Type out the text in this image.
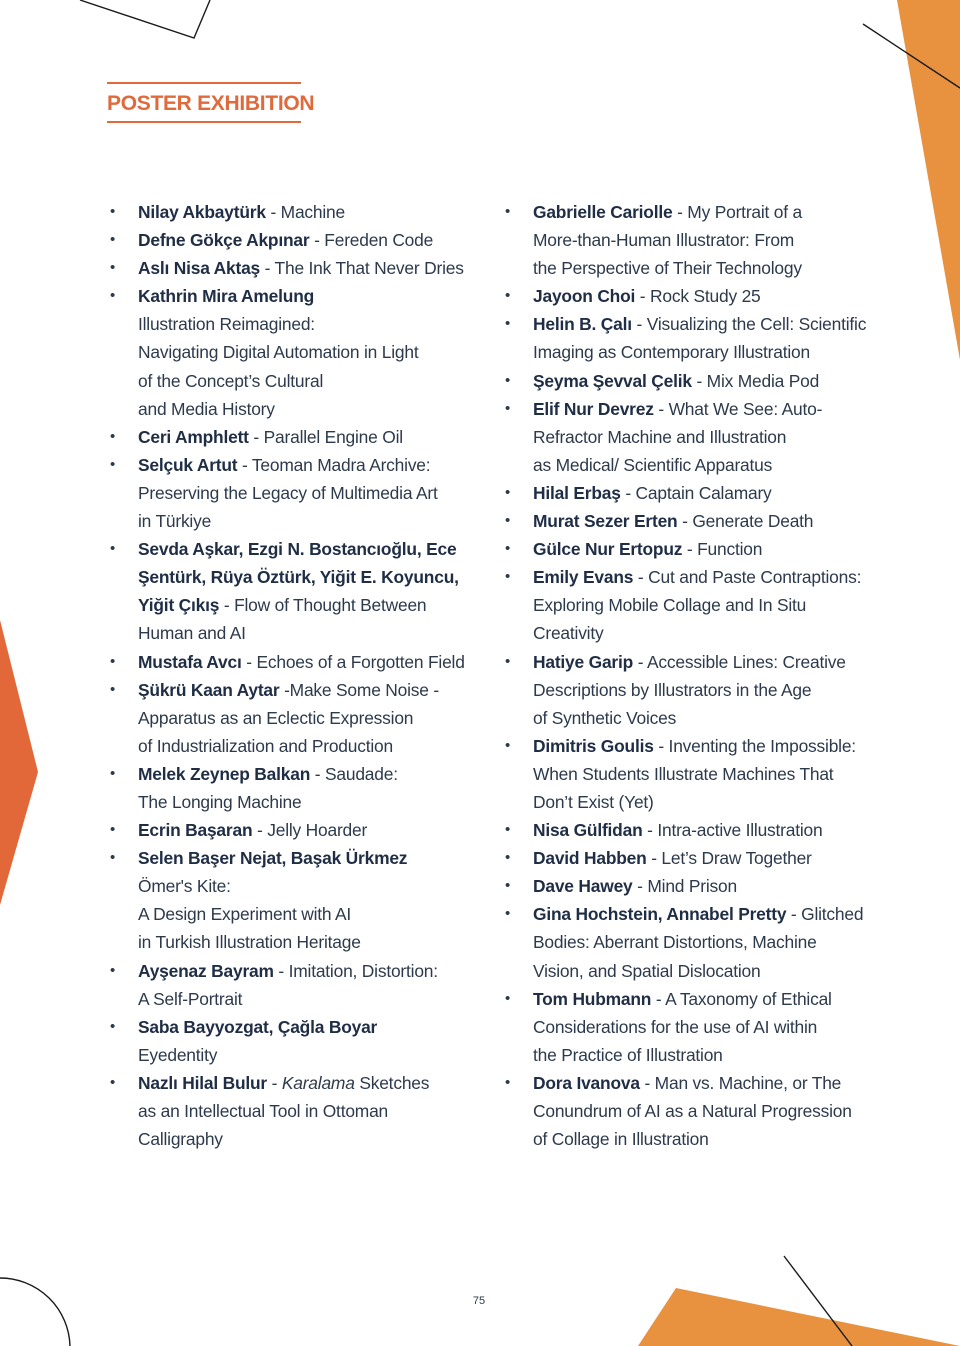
POSTER EXHIBITION
• Nilay Akbaytürk - Machine
• Defne Gökçe Akpınar - Fereden Code
• Aslı Nisa Aktaş - The Ink That Never Dries
• Kathrin Mira Amelung
Illustration Reimagined:
Navigating Digital Automation in Light
of the Concept’s Cultural
and Media History
• Ceri Amphlett - Parallel Engine Oil
• Selçuk Artut - Teoman Madra Archive:
Preserving the Legacy of Multimedia Art
in Türkiye
• Sevda Aşkar, Ezgi N. Bostancıoğlu, Ece
Şentürk, Rüya Öztürk, Yiğit E. Koyuncu,
Yiğit Çıkış - Flow of Thought Between
Human and AI
• Mustafa Avcı - Echoes of a Forgotten Field
• Şükrü Kaan Aytar -Make Some Noise -
Apparatus as an Eclectic Expression
of Industrialization and Production
• Melek Zeynep Balkan - Saudade:
The Longing Machine
• Ecrin Başaran - Jelly Hoarder
• Selen Başer Nejat, Başak Ürkmez
Ömer's Kite:
A Design Experiment with AI
in Turkish Illustration Heritage
• Ayşenaz Bayram - Imitation, Distortion:
A Self-Portrait
• Saba Bayyozgat, Çağla Boyar
Eyedentity
• Nazlı Hilal Bulur - Karalama Sketches
as an Intellectual Tool in Ottoman
Calligraphy
• Gabrielle Cariolle - My Portrait of a
More-than-Human Illustrator: From
the Perspective of Their Technology
• Jayoon Choi - Rock Study 25
• Helin B. Çalı - Visualizing the Cell: Scientific
Imaging as Contemporary Illustration
• Şeyma Şevval Çelik - Mix Media Pod
• Elif Nur Devrez - What We See: Auto-
Refractor Machine and Illustration
as Medical/ Scientific Apparatus
• Hilal Erbaş - Captain Calamary
• Murat Sezer Erten - Generate Death
• Gülce Nur Ertopuz - Function
• Emily Evans - Cut and Paste Contraptions:
Exploring Mobile Collage and In Situ
Creativity
• Hatiye Garip - Accessible Lines: Creative
Descriptions by Illustrators in the Age
of Synthetic Voices
• Dimitris Goulis - Inventing the Impossible:
When Students Illustrate Machines That
Don’t Exist (Yet)
• Nisa Gülfidan - Intra-active Illustration
• David Habben - Let’s Draw Together
• Dave Hawey - Mind Prison
• Gina Hochstein, Annabel Pretty - Glitched
Bodies: Aberrant Distortions, Machine
Vision, and Spatial Dislocation
• Tom Hubmann - A Taxonomy of Ethical
Considerations for the use of AI within
the Practice of Illustration
• Dora Ivanova - Man vs. Machine, or The
Conundrum of AI as a Natural Progression
of Collage in Illustration
75
